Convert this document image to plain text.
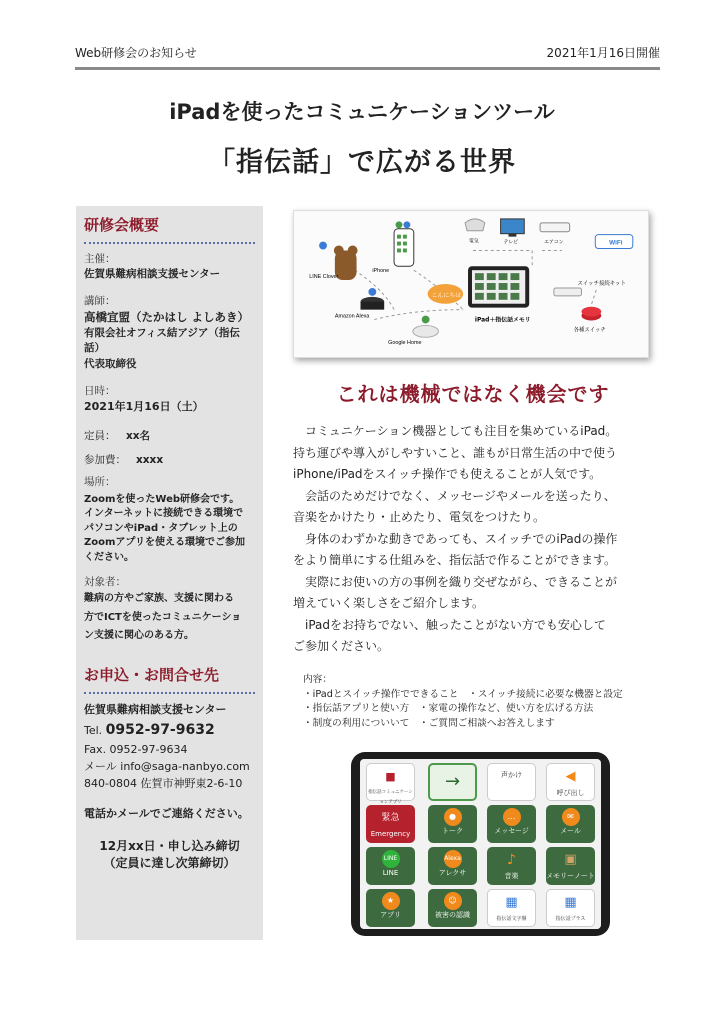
Web研修会のお知らせ	2021年1月16日開催
iPadを使ったコミュニケーションツール
「指伝話」で広がる世界
研修会概要
主催：
佐賀県難病相談支援センター
講師：
高橋宜盟（たかはし よしあき）
有限会社オフィス結アジア（指伝話）
代表取締役
日時：
2021年1月16日（土）
定員： xx名
参加費： xxxx
場所：
Zoomを使ったWeb研修会です。
インターネットに接続できる環境で
パソコンやiPad・タブレット上の
Zoomアプリを使える環境でご参加
ください。
対象者：
難病の方やご家族、支援に関わる
方でICTを使ったコミュニケーショ
ン支援に関心のある方。
お申込・お問合せ先
佐賀県難病相談支援センター
Tel. 0952-97-9632
Fax. 0952-97-9634
メール info@saga-nanbyo.com
840-0804 佐賀市神野東2-6-10
電話かメールでご連絡ください。
12月xx日・申し込み締切
（定員に達し次第締切）
LINE Clover
iPhone
Amazon Alexa
Google Home
こんにちは
iPad＋指伝話メモリ
電気	テレビ	エアコン	WiFi
スイッチ接続キット
各種スイッチ
これは機械ではなく機会です

　コミュニケーション機器としても注目を集めているiPad。

持ち運びや導入がしやすいこと、誰もが日常生活の中で使う

iPhone/iPadをスイッチ操作でも使えることが人気です。

　会話のためだけでなく、メッセージやメールを送ったり、

音楽をかけたり・止めたり、電気をつけたり。

　身体のわずかな動きであっても、スイッチでのiPadの操作

をより簡単にする仕組みを、指伝話で作ることができます。

　実際にお使いの方の事例を織り交ぜながら、できることが

増えていく楽しさをご紹介します。

　iPadをお持ちでない、触ったことがない方でも安心して

ご参加ください。

内容：

・iPadとスイッチ操作でできること　・スイッチ接続に必要な機器と設定

・指伝話アプリと使い方　・家電の操作など、使い方を広げる方法

・制度の利用についいて　・ご質問ご相談へお答えします

■
指伝話コミュニケーションアプリ
→	声かけ	◀
呼び出し
緊急
Emergency
●
トーク
…
メッセージ
✉
メール
LINE
LINE
Alexa
アレクサ
♪
音楽
▣
メモリーノート
★
アプリ
☺
被害の認識
▦
指伝話文字盤
▦
指伝話プラス
